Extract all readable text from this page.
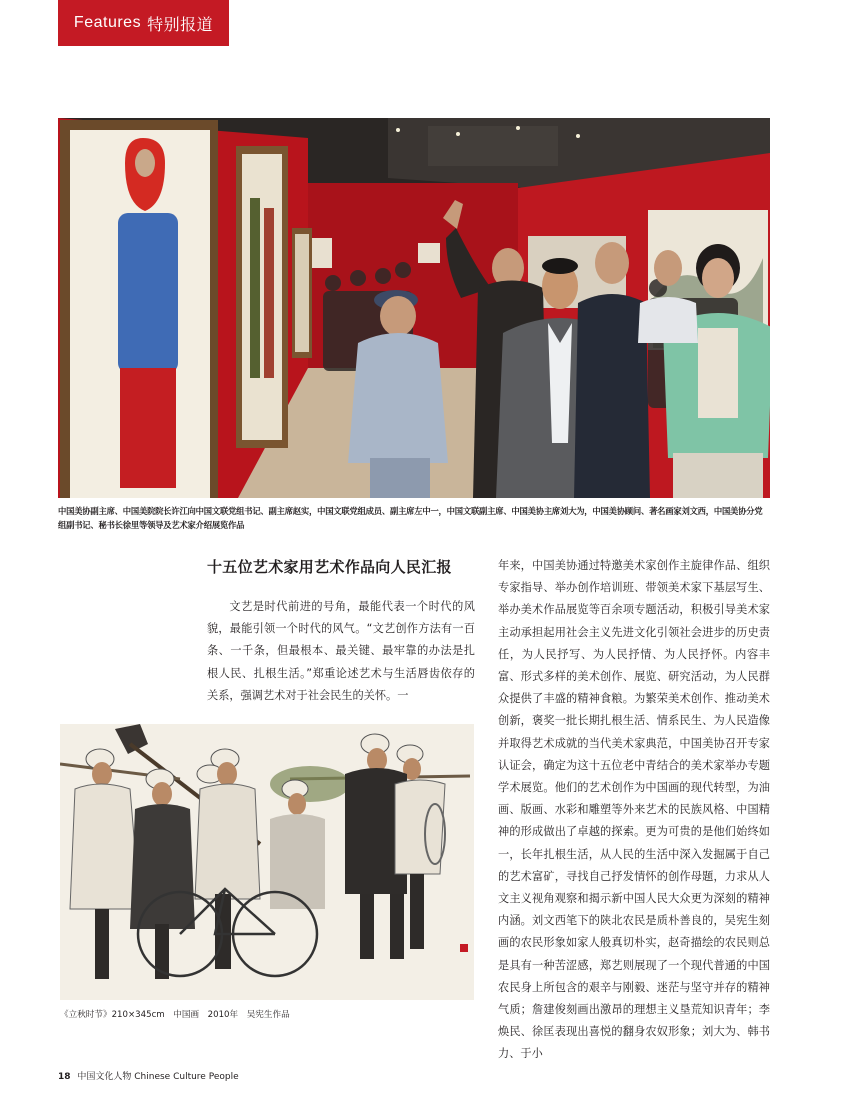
Features 特别报道
中国美协副主席、中国美院院长许江向中国文联党组书记、副主席赵实，中国文联党组成员、副主席左中一，中国文联副主席、中国美协主席刘大为，中国美协顾问、著名画家刘文西，中国美协分党组副书记、秘书长徐里等领导及艺术家介绍展览作品
十五位艺术家用艺术作品向人民汇报

文艺是时代前进的号角，最能代表一个时代的风貌，最能引领一个时代的风气。“文艺创作方法有一百条、一千条，但最根本、最关键、最牢靠的办法是扎根人民、扎根生活。”郑重论述艺术与生活唇齿依存的关系，强调艺术对于社会民生的关怀。一

《立秋时节》210×345cm　中国画　2010年　吴宪生作品

年来，中国美协通过特邀美术家创作主旋律作品、组织专家指导、举办创作培训班、带领美术家下基层写生、举办美术作品展览等百余项专题活动，积极引导美术家主动承担起用社会主义先进文化引领社会进步的历史责任，为人民抒写、为人民抒情、为人民抒怀。内容丰富、形式多样的美术创作、展览、研究活动，为人民群众提供了丰盛的精神食粮。为繁荣美术创作、推动美术创新，褒奖一批长期扎根生活、情系民生、为人民造像并取得艺术成就的当代美术家典范，中国美协召开专家认证会，确定为这十五位老中青结合的美术家举办专题学术展览。他们的艺术创作为中国画的现代转型，为油画、版画、水彩和雕塑等外来艺术的民族风格、中国精神的形成做出了卓越的探索。更为可贵的是他们始终如一，长年扎根生活，从人民的生活中深入发掘属于自己的艺术富矿，寻找自己抒发情怀的创作母题，力求从人文主义视角观察和揭示新中国人民大众更为深刻的精神内涵。刘文西笔下的陕北农民是质朴善良的，吴宪生刻画的农民形象如家人般真切朴实，赵奇描绘的农民则总是具有一种苦涩感，郑艺则展现了一个现代普通的中国农民身上所包含的艰辛与刚毅、迷茫与坚守并存的精神气质；詹建俊刻画出激昂的理想主义垦荒知识青年；李焕民、徐匡表现出喜悦的翻身农奴形象；刘大为、韩书力、于小

18 中国文化人物 Chinese Culture People
